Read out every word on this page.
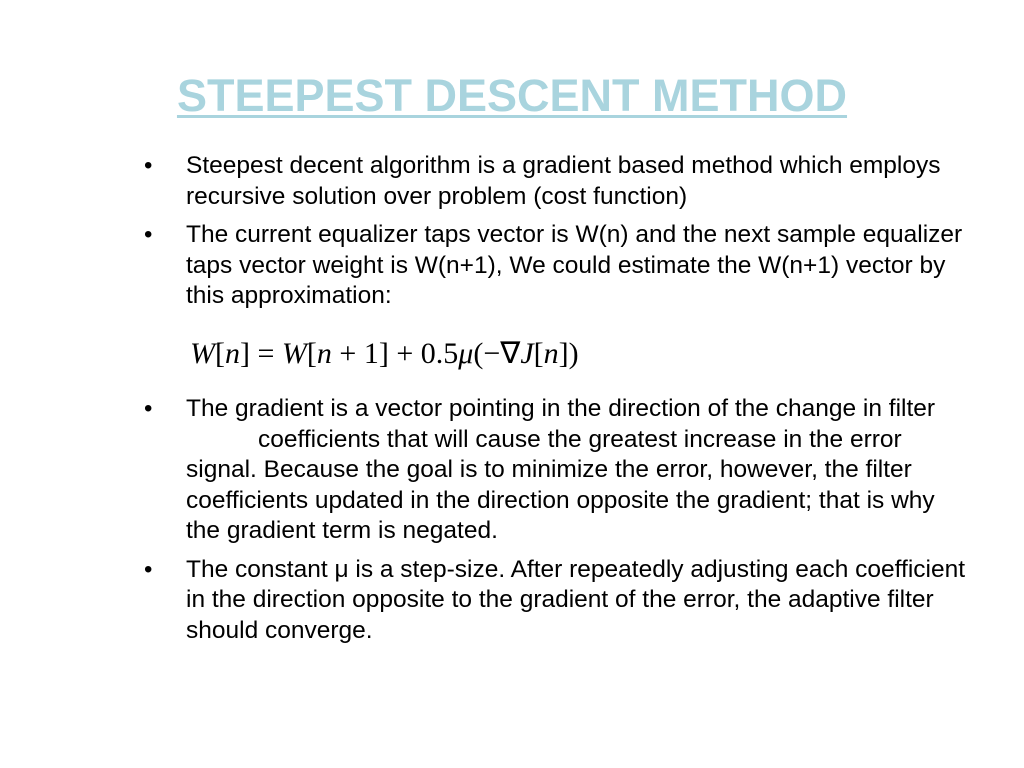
STEEPEST DESCENT METHOD
• Steepest decent algorithm is a gradient based method which employs recursive solution over problem (cost function)
• The current equalizer taps vector is W(n) and the next sample equalizer taps vector weight is W(n+1), We could estimate the W(n+1) vector by this approximation:
W[n] = W[n + 1] + 0.5μ(−∇J[n])
• The gradient is a vector pointing in the direction of the change in filtercoefficients that will cause the greatest increase in the error signal. Because the goal is to minimize the error, however, the filter coefficients updated in the direction opposite the gradient; that is why the gradient term is negated.
• The constant μ is a step-size. After repeatedly adjusting each coefficient in the direction opposite to the gradient of the error, the adaptive filter should converge.
